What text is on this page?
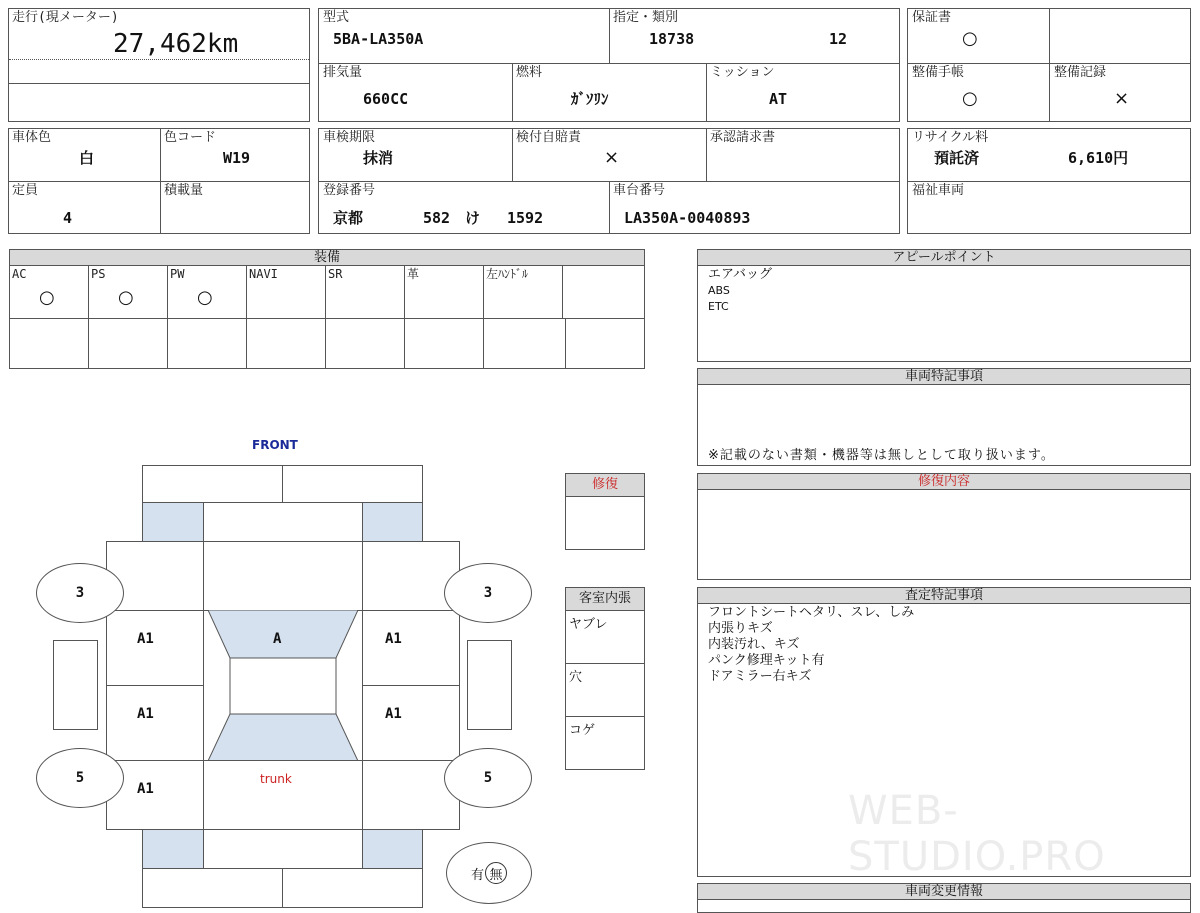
走行(現メーター)
27,462km
型式
5BA-LA350A
指定・類別
18738	12
排気量
660CC
燃料
ｶﾞｿﾘﾝ
ミッション
AT
保証書
○
整備手帳
○
整備記録
×
車体色
白
色コード
W19
定員
4
積載量
車検期限
抹消
検付自賠責
×
承認請求書
登録番号
京都	582 け 1592
車台番号
LA350A-0040893
リサイクル料
預託済	6,610円
福祉車両
装備
AC
○
PS
○
PW
○
NAVI	SR	革	左ﾊﾝﾄﾞﾙ
アピールポイント
エアバッグ
ABS
ETC
車両特記事項
※記載のない書類・機器等は無しとして取り扱います。
修復内容
査定特記事項
フロントシートヘタリ、スレ、しみ
内張りキズ
内装汚れ、キズ
パンク修理キット有
ドアミラー右キズ
WEB-STUDIO.PRO
車両変更情報
修復
客室内張
ヤブレ
穴
コゲ
FRONT
trunk
3	3
5	5
A1
A1
A1
A	A1
A1
有 無
